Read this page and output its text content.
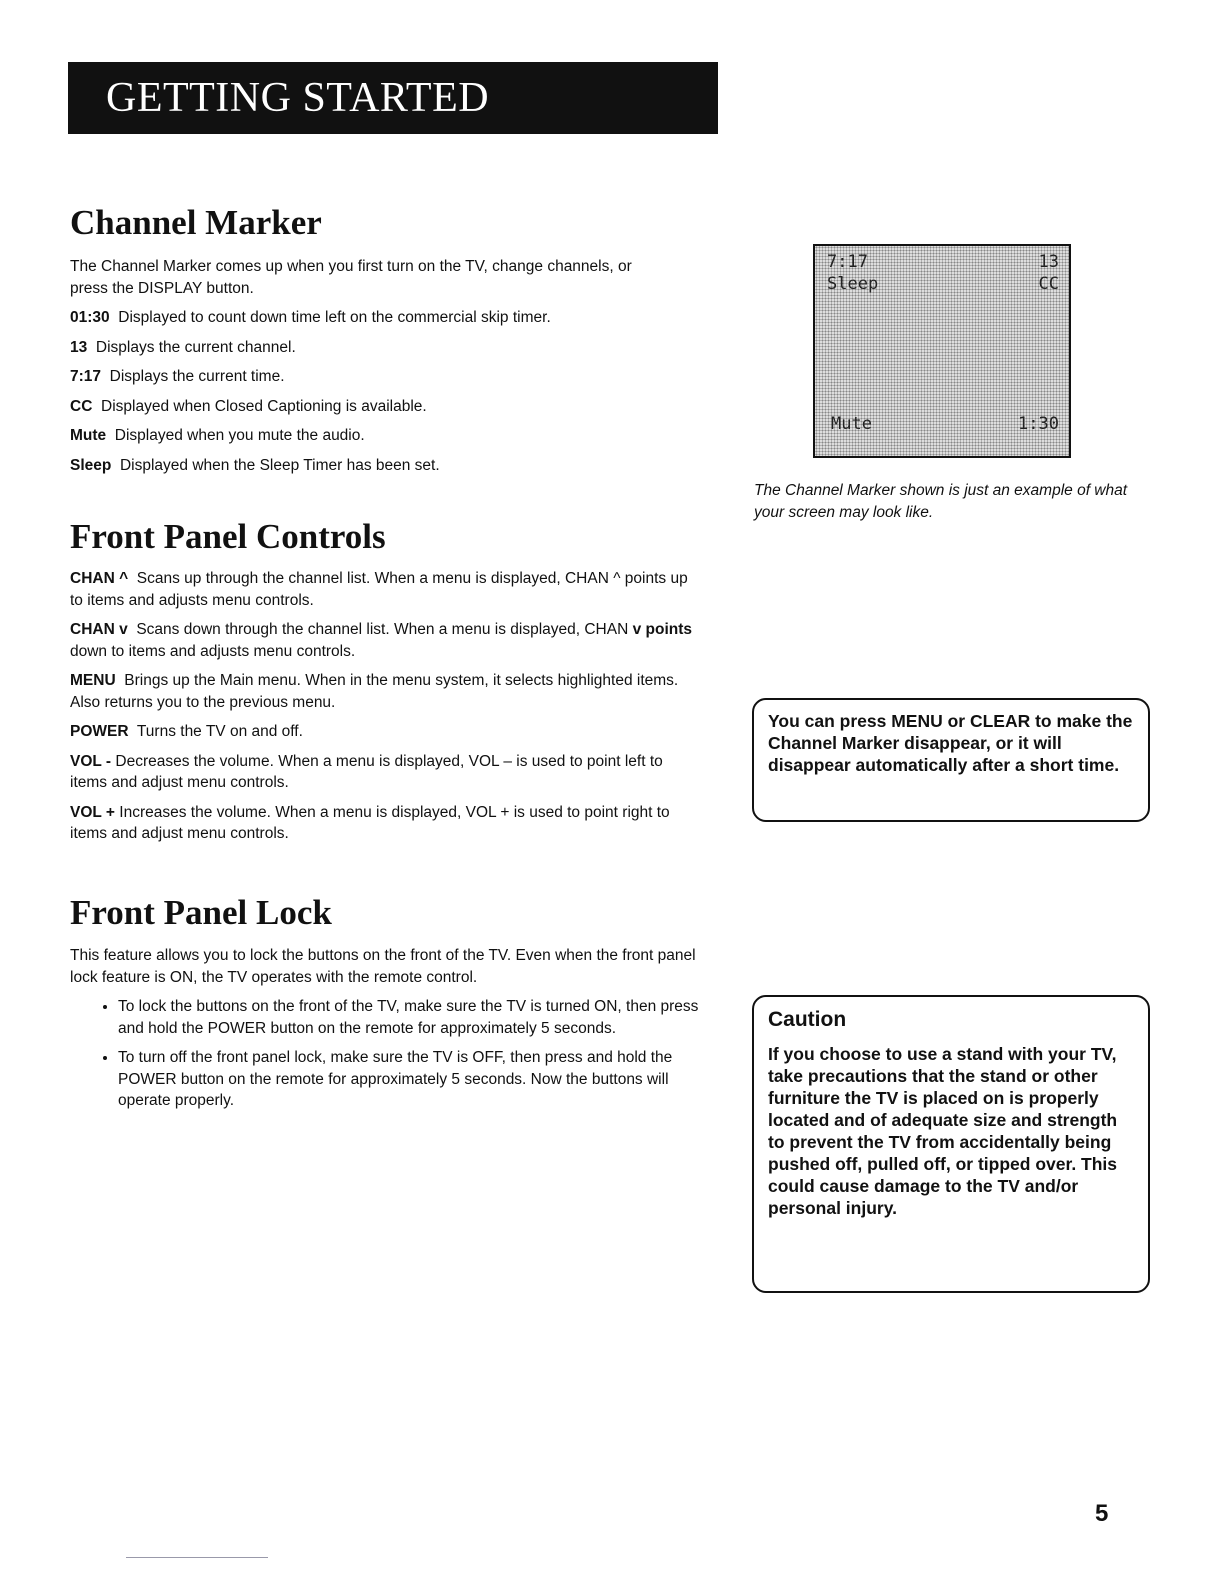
GETTING STARTED
Channel Marker

The Channel Marker comes up when you first turn on the TV, change channels, or press the DISPLAY button.

01:30 Displayed to count down time left on the commercial skip timer.

13 Displays the current channel.

7:17 Displays the current time.

CC Displayed when Closed Captioning is available.

Mute Displayed when you mute the audio.

Sleep Displayed when the Sleep Timer has been set.

7:17	13
Sleep	CC
Mute	1:30
The Channel Marker shown is just an example of what your screen may look like.
Front Panel Controls

CHAN ^ Scans up through the channel list. When a menu is displayed, CHAN ^ points up to items and adjusts menu controls.

CHAN v Scans down through the channel list. When a menu is displayed, CHAN v points down to items and adjusts menu controls.

MENU Brings up the Main menu. When in the menu system, it selects highlighted items. Also returns you to the previous menu.

POWER Turns the TV on and off.

VOL - Decreases the volume. When a menu is displayed, VOL – is used to point left to items and adjust menu controls.

VOL + Increases the volume. When a menu is displayed, VOL + is used to point right to items and adjust menu controls.

You can press MENU or CLEAR to make the Channel Marker disappear, or it will disappear automatically after a short time.
Front Panel Lock

This feature allows you to lock the buttons on the front of the TV. Even when the front panel lock feature is ON, the TV operates with the remote control.

• To lock the buttons on the front of the TV, make sure the TV is turned ON, then press and hold the POWER button on the remote for approximately 5 seconds.
• To turn off the front panel lock, make sure the TV is OFF, then press and hold the POWER button on the remote for approximately 5 seconds. Now the buttons will operate properly.
Caution
If you choose to use a stand with your TV, take precautions that the stand or other furniture the TV is placed on is properly located and of adequate size and strength to prevent the TV from accidentally being pushed off, pulled off, or tipped over. This could cause damage to the TV and/or personal injury.
5
